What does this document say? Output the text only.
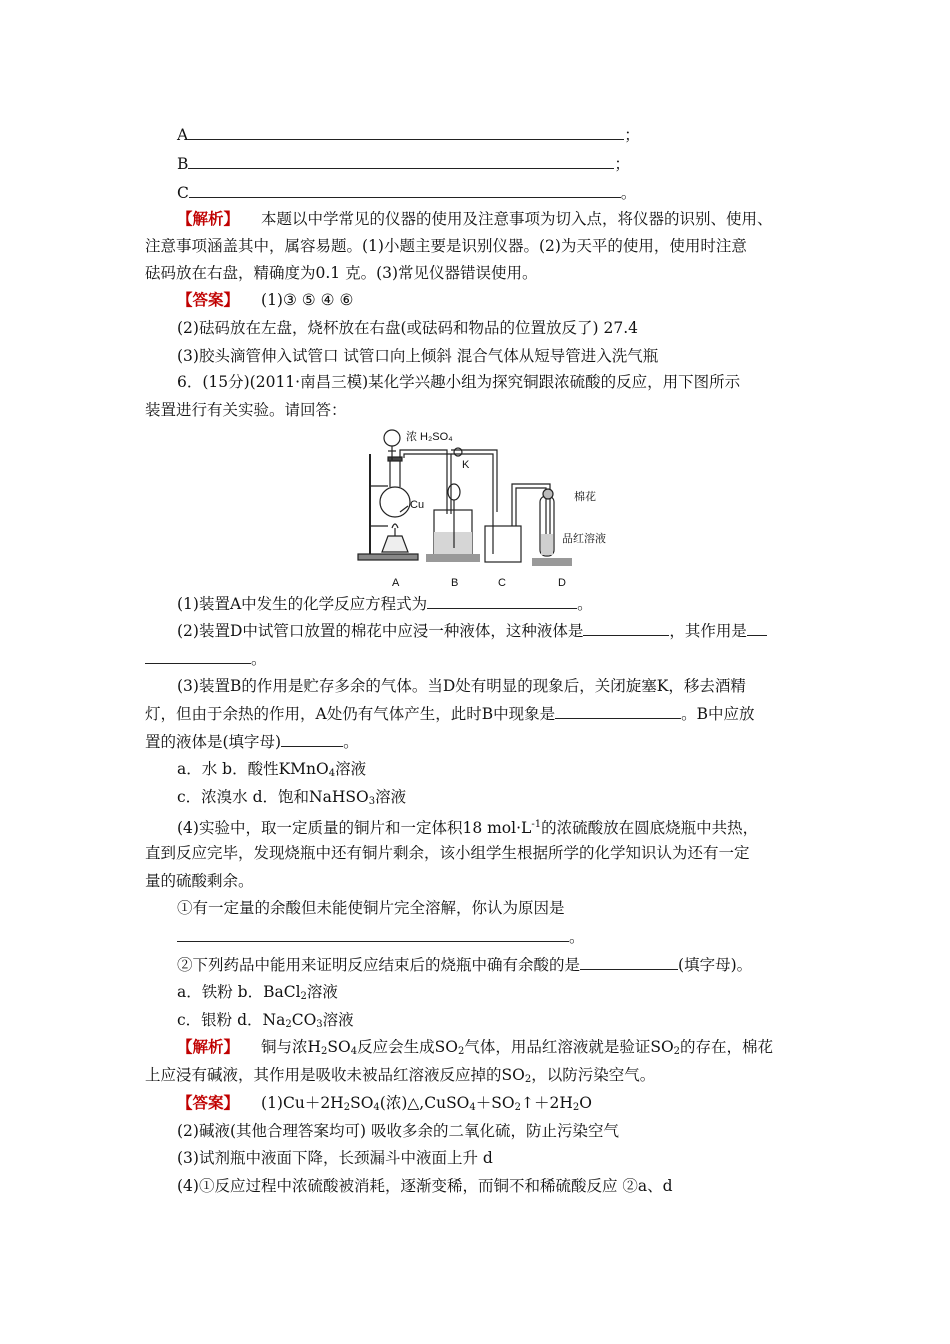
A	；
B	；
C	。
【解析】 本题以中学常见的仪器的使用及注意事项为切入点，将仪器的识别、使用、
注意事项涵盖其中，属容易题。(1)小题主要是识别仪器。(2)为天平的使用，使用时注意
砝码放在右盘，精确度为0.1 克。(3)常见仪器错误使用。
【答案】 (1)③ ⑤ ④ ⑥
(2)砝码放在左盘，烧杯放在右盘(或砝码和物品的位置放反了) 27.4
(3)胶头滴管伸入试管口 试管口向上倾斜 混合气体从短导管进入洗气瓶
6．(15分)(2011·南昌三模)某化学兴趣小组为探究铜跟浓硫酸的反应，用下图所示
装置进行有关实验。请回答：
浓 H₂SO₄
Cu
K
棉花
品红溶液
A	B	C	D
(1)装置A中发生的化学反应方程式为	。
(2)装置D中试管口放置的棉花中应浸一种液体，这种液体是	，其作用是
。
(3)装置B的作用是贮存多余的气体。当D处有明显的现象后，关闭旋塞K，移去酒精
灯，但由于余热的作用，A处仍有气体产生，此时B中现象是	。B中应放
置的液体是(填字母)	。
a．水 b．酸性KMnO$_4$溶液
c．浓溴水 d．饱和NaHSO$_3$溶液
(4)实验中，取一定质量的铜片和一定体积18 $mol\cdot L^{-1}$的浓硫酸放在圆底烧瓶中共热，
直到反应完毕，发现烧瓶中还有铜片剩余，该小组学生根据所学的化学知识认为还有一定
量的硫酸剩余。
①有一定量的余酸但未能使铜片完全溶解，你认为原因是
。
②下列药品中能用来证明反应结束后的烧瓶中确有余酸的是	(填字母)。
a．铁粉 b．BaCl$_2$溶液
c．银粉 d．$Na_2CO_3$溶液
【解析】 铜与浓$H_2SO_4$反应会生成$SO_2$气体，用品红溶液就是验证$SO_2$的存在，棉花
上应浸有碱液，其作用是吸收未被品红溶液反应掉的$SO_2$，以防污染空气。
【答案】 $(1)Cu+2H_2SO_4$(浓)$\triangle,CuSO_4+SO_2↑+2H_2O$
(2)碱液(其他合理答案均可) 吸收多余的二氧化硫，防止污染空气
(3)试剂瓶中液面下降，长颈漏斗中液面上升 d
(4)①反应过程中浓硫酸被消耗，逐渐变稀，而铜不和稀硫酸反应 ②a、d
